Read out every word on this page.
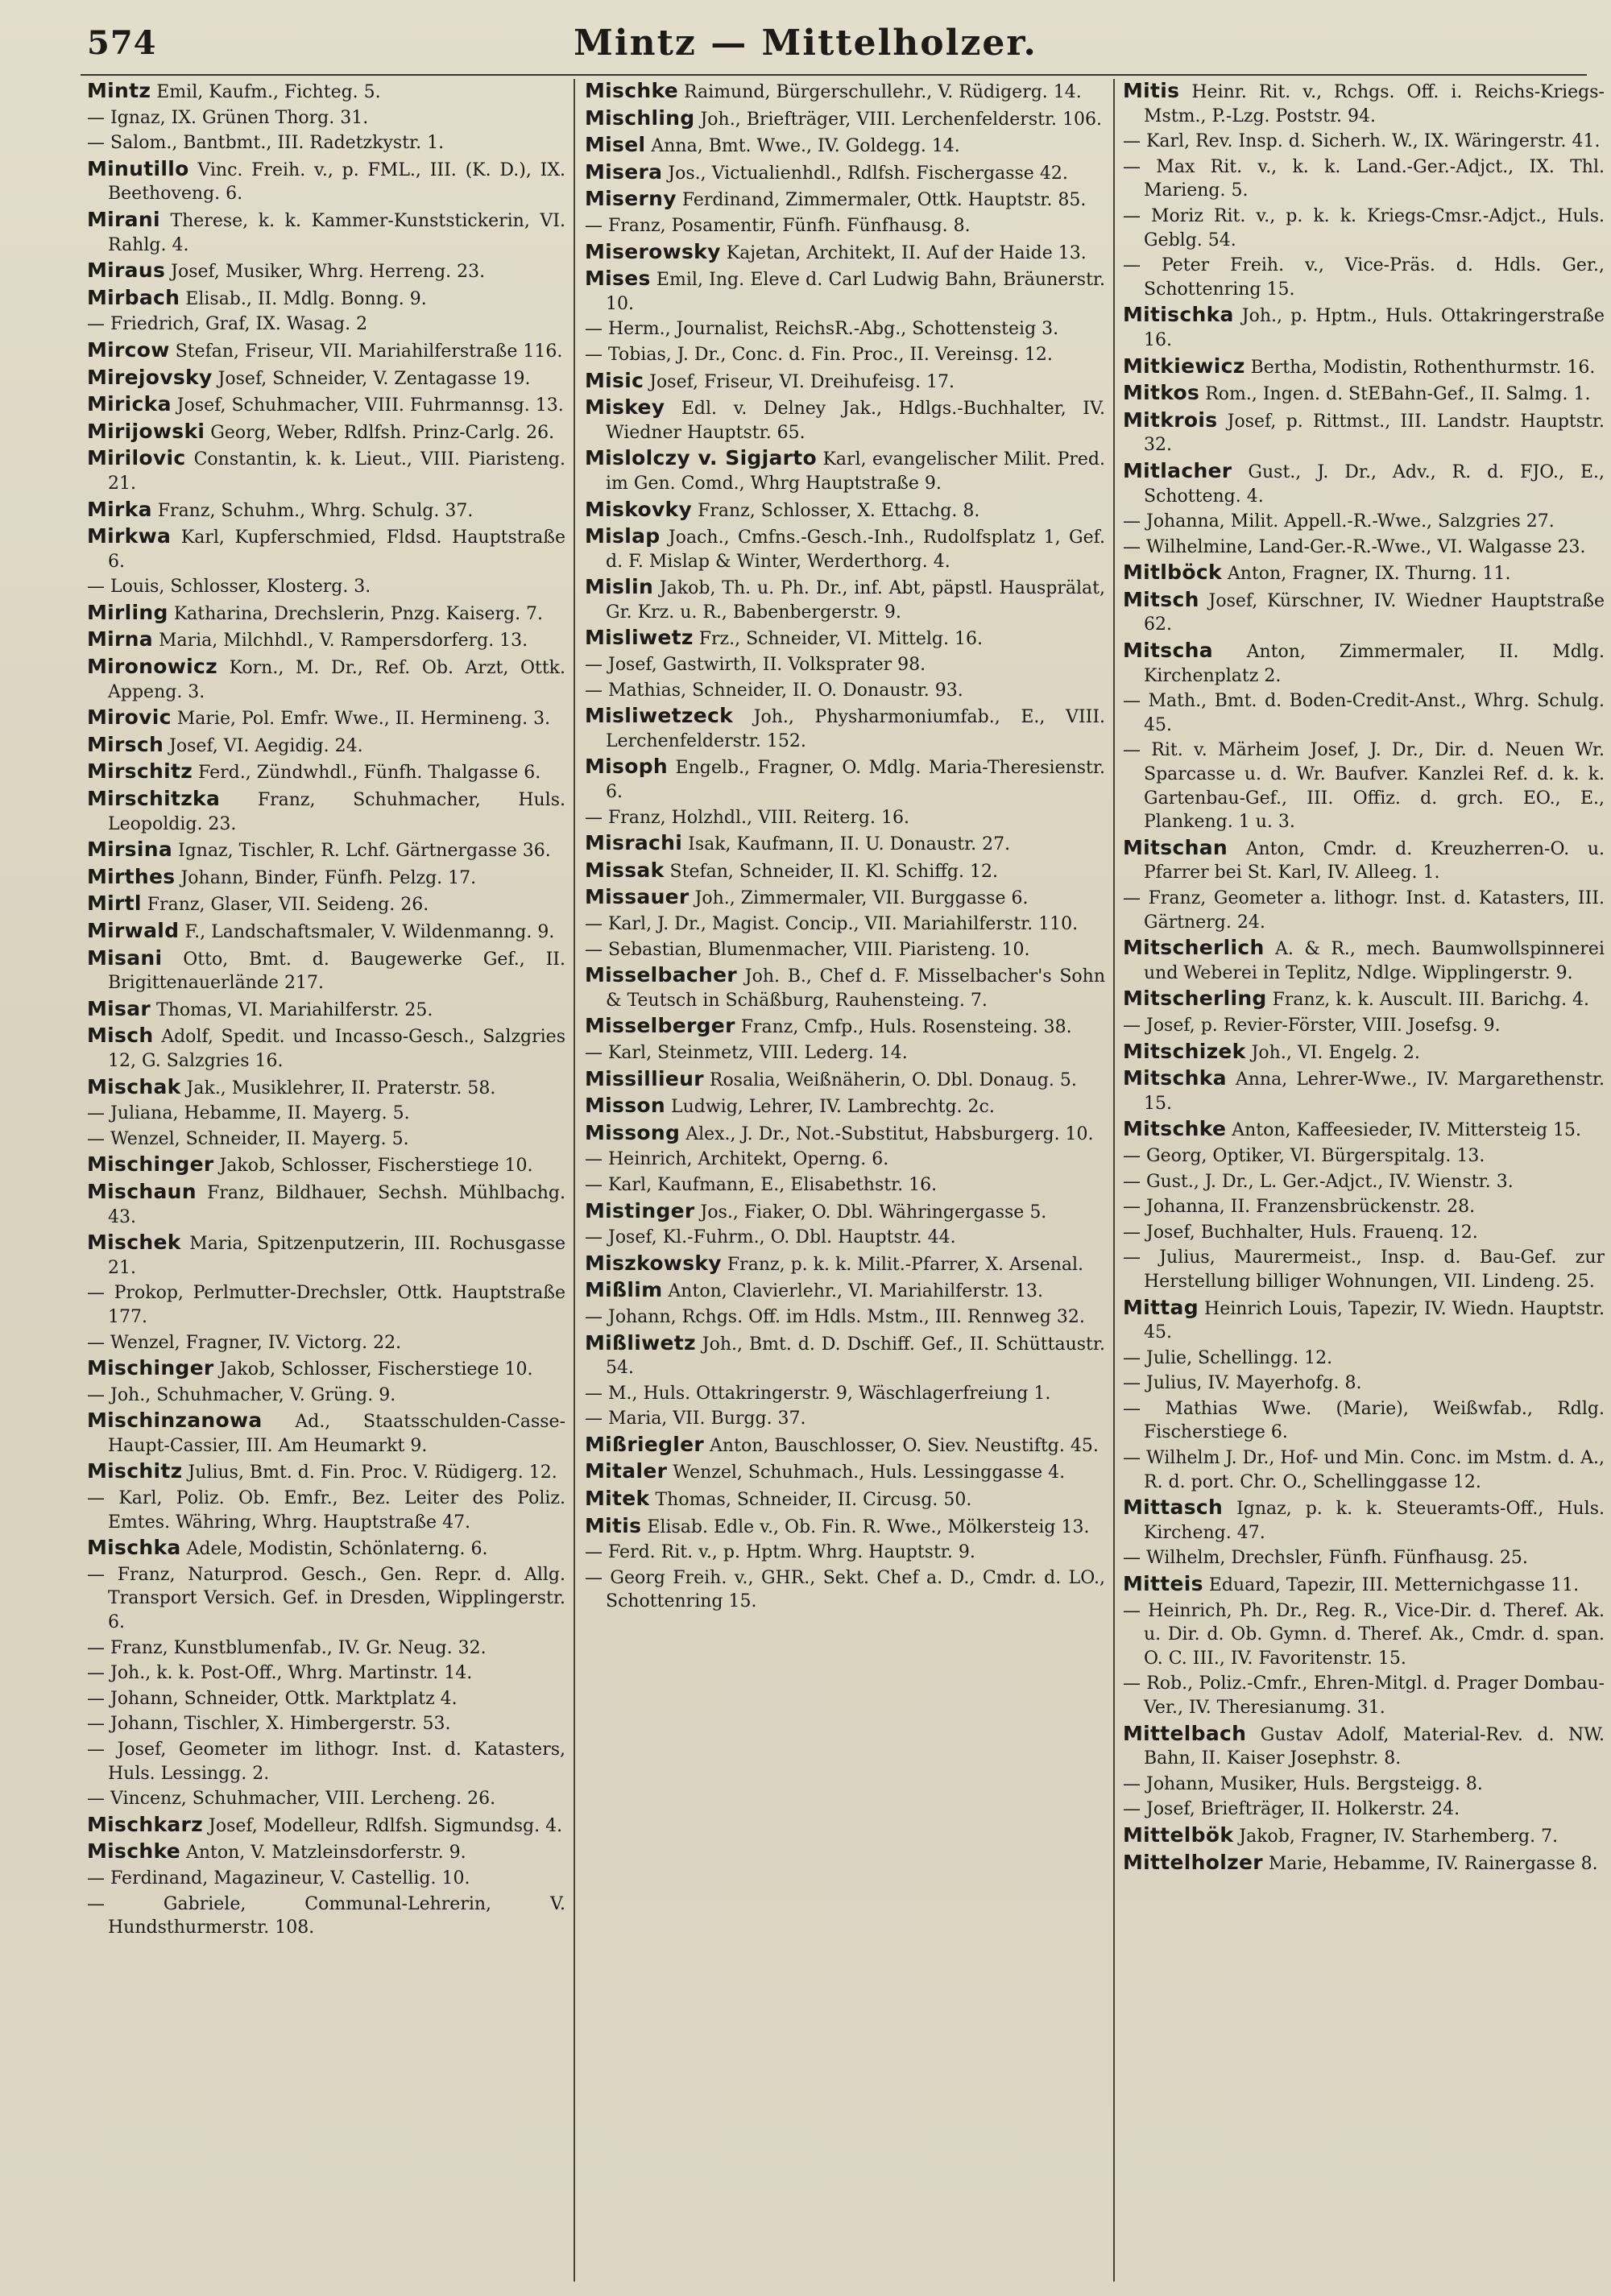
574	Mintz — Mittelholzer.
Mintz Emil, Kaufm., Fichteg. 5.
— Ignaz, IX. Grünen Thorg. 31.
— Salom., Bantbmt., III. Radetzkystr. 1.
Minutillo Vinc. Freih. v., p. FML., III. (K. D.), IX. Beethoveng. 6.
Mirani Therese, k. k. Kammer-Kunststickerin, VI. Rahlg. 4.
Miraus Josef, Musiker, Whrg. Herreng. 23.
Mirbach Elisab., II. Mdlg. Bonng. 9.
— Friedrich, Graf, IX. Wasag. 2
Mircow Stefan, Friseur, VII. Mariahilferstraße 116.
Mirejovsky Josef, Schneider, V. Zentagasse 19.
Miricka Josef, Schuhmacher, VIII. Fuhrmannsg. 13.
Mirijowski Georg, Weber, Rdlfsh. Prinz-Carlg. 26.
Mirilovic Constantin, k. k. Lieut., VIII. Piaristeng. 21.
Mirka Franz, Schuhm., Whrg. Schulg. 37.
Mirkwa Karl, Kupferschmied, Fldsd. Hauptstraße 6.
— Louis, Schlosser, Klosterg. 3.
Mirling Katharina, Drechslerin, Pnzg. Kaiserg. 7.
Mirna Maria, Milchhdl., V. Rampersdorferg. 13.
Mironowicz Korn., M. Dr., Ref. Ob. Arzt, Ottk. Appeng. 3.
Mirovic Marie, Pol. Emfr. Wwe., II. Hermineng. 3.
Mirsch Josef, VI. Aegidig. 24.
Mirschitz Ferd., Zündwhdl., Fünfh. Thalgasse 6.
Mirschitzka Franz, Schuhmacher, Huls. Leopoldig. 23.
Mirsina Ignaz, Tischler, R. Lchf. Gärtnergasse 36.
Mirthes Johann, Binder, Fünfh. Pelzg. 17.
Mirtl Franz, Glaser, VII. Seideng. 26.
Mirwald F., Landschaftsmaler, V. Wildenmanng. 9.
Misani Otto, Bmt. d. Baugewerke Gef., II. Brigittenauerlände 217.
Misar Thomas, VI. Mariahilferstr. 25.
Misch Adolf, Spedit. und Incasso-Gesch., Salzgries 12, G. Salzgries 16.
Mischak Jak., Musiklehrer, II. Praterstr. 58.
— Juliana, Hebamme, II. Mayerg. 5.
— Wenzel, Schneider, II. Mayerg. 5.
Mischinger Jakob, Schlosser, Fischerstiege 10.
Mischaun Franz, Bildhauer, Sechsh. Mühlbachg. 43.
Mischek Maria, Spitzenputzerin, III. Rochusgasse 21.
— Prokop, Perlmutter-Drechsler, Ottk. Hauptstraße 177.
— Wenzel, Fragner, IV. Victorg. 22.
Mischinger Jakob, Schlosser, Fischerstiege 10.
— Joh., Schuhmacher, V. Grüng. 9.
Mischinzanowa Ad., Staatsschulden-Casse-Haupt-Cassier, III. Am Heumarkt 9.
Mischitz Julius, Bmt. d. Fin. Proc. V. Rüdigerg. 12.
— Karl, Poliz. Ob. Emfr., Bez. Leiter des Poliz. Emtes. Währing, Whrg. Hauptstraße 47.
Mischka Adele, Modistin, Schönlaterng. 6.
— Franz, Naturprod. Gesch., Gen. Repr. d. Allg. Transport Versich. Gef. in Dresden, Wipplingerstr. 6.
— Franz, Kunstblumenfab., IV. Gr. Neug. 32.
— Joh., k. k. Post-Off., Whrg. Martinstr. 14.
— Johann, Schneider, Ottk. Marktplatz 4.
— Johann, Tischler, X. Himbergerstr. 53.
— Josef, Geometer im lithogr. Inst. d. Katasters, Huls. Lessingg. 2.
— Vincenz, Schuhmacher, VIII. Lercheng. 26.
Mischkarz Josef, Modelleur, Rdlfsh. Sigmundsg. 4.
Mischke Anton, V. Matzleinsdorferstr. 9.
— Ferdinand, Magazineur, V. Castellig. 10.
— Gabriele, Communal-Lehrerin, V. Hundsthurmerstr. 108.
Mischke Raimund, Bürgerschullehr., V. Rüdigerg. 14.
Mischling Joh., Briefträger, VIII. Lerchenfelderstr. 106.
Misel Anna, Bmt. Wwe., IV. Goldegg. 14.
Misera Jos., Victualienhdl., Rdlfsh. Fischergasse 42.
Miserny Ferdinand, Zimmermaler, Ottk. Hauptstr. 85.
— Franz, Posamentir, Fünfh. Fünfhausg. 8.
Miserowsky Kajetan, Architekt, II. Auf der Haide 13.
Mises Emil, Ing. Eleve d. Carl Ludwig Bahn, Bräunerstr. 10.
— Herm., Journalist, ReichsR.-Abg., Schottensteig 3.
— Tobias, J. Dr., Conc. d. Fin. Proc., II. Vereinsg. 12.
Misic Josef, Friseur, VI. Dreihufeisg. 17.
Miskey Edl. v. Delney Jak., Hdlgs.-Buchhalter, IV. Wiedner Hauptstr. 65.
Mislolczy v. Sigjarto Karl, evangelischer Milit. Pred. im Gen. Comd., Whrg Hauptstraße 9.
Miskovky Franz, Schlosser, X. Ettachg. 8.
Mislap Joach., Cmfns.-Gesch.-Inh., Rudolfsplatz 1, Gef. d. F. Mislap & Winter, Werderthorg. 4.
Mislin Jakob, Th. u. Ph. Dr., inf. Abt, päpstl. Hausprälat, Gr. Krz. u. R., Babenbergerstr. 9.
Misliwetz Frz., Schneider, VI. Mittelg. 16.
— Josef, Gastwirth, II. Volksprater 98.
— Mathias, Schneider, II. O. Donaustr. 93.
Misliwetzeck Joh., Physharmoniumfab., E., VIII. Lerchenfelderstr. 152.
Misoph Engelb., Fragner, O. Mdlg. Maria-Theresienstr. 6.
— Franz, Holzhdl., VIII. Reiterg. 16.
Misrachi Isak, Kaufmann, II. U. Donaustr. 27.
Missak Stefan, Schneider, II. Kl. Schiffg. 12.
Missauer Joh., Zimmermaler, VII. Burggasse 6.
— Karl, J. Dr., Magist. Concip., VII. Mariahilferstr. 110.
— Sebastian, Blumenmacher, VIII. Piaristeng. 10.
Misselbacher Joh. B., Chef d. F. Misselbacher's Sohn & Teutsch in Schäßburg, Rauhensteing. 7.
Misselberger Franz, Cmfp., Huls. Rosensteing. 38.
— Karl, Steinmetz, VIII. Lederg. 14.
Missillieur Rosalia, Weißnäherin, O. Dbl. Donaug. 5.
Misson Ludwig, Lehrer, IV. Lambrechtg. 2c.
Missong Alex., J. Dr., Not.-Substitut, Habsburgerg. 10.
— Heinrich, Architekt, Operng. 6.
— Karl, Kaufmann, E., Elisabethstr. 16.
Mistinger Jos., Fiaker, O. Dbl. Währingergasse 5.
— Josef, Kl.-Fuhrm., O. Dbl. Hauptstr. 44.
Miszkowsky Franz, p. k. k. Milit.-Pfarrer, X. Arsenal.
Mißlim Anton, Clavierlehr., VI. Mariahilferstr. 13.
— Johann, Rchgs. Off. im Hdls. Mstm., III. Rennweg 32.
Mißliwetz Joh., Bmt. d. D. Dschiff. Gef., II. Schüttaustr. 54.
— M., Huls. Ottakringerstr. 9, Wäschlagerfreiung 1.
— Maria, VII. Burgg. 37.
Mißriegler Anton, Bauschlosser, O. Siev. Neustiftg. 45.
Mitaler Wenzel, Schuhmach., Huls. Lessinggasse 4.
Mitek Thomas, Schneider, II. Circusg. 50.
Mitis Elisab. Edle v., Ob. Fin. R. Wwe., Mölkersteig 13.
— Ferd. Rit. v., p. Hptm. Whrg. Hauptstr. 9.
— Georg Freih. v., GHR., Sekt. Chef a. D., Cmdr. d. LO., Schottenring 15.
Mitis Heinr. Rit. v., Rchgs. Off. i. Reichs-Kriegs-Mstm., P.-Lzg. Poststr. 94.
— Karl, Rev. Insp. d. Sicherh. W., IX. Wäringerstr. 41.
— Max Rit. v., k. k. Land.-Ger.-Adjct., IX. Thl. Marieng. 5.
— Moriz Rit. v., p. k. k. Kriegs-Cmsr.-Adjct., Huls. Geblg. 54.
— Peter Freih. v., Vice-Präs. d. Hdls. Ger., Schottenring 15.
Mitischka Joh., p. Hptm., Huls. Ottakringerstraße 16.
Mitkiewicz Bertha, Modistin, Rothenthurmstr. 16.
Mitkos Rom., Ingen. d. StEBahn-Gef., II. Salmg. 1.
Mitkrois Josef, p. Rittmst., III. Landstr. Hauptstr. 32.
Mitlacher Gust., J. Dr., Adv., R. d. FJO., E., Schotteng. 4.
— Johanna, Milit. Appell.-R.-Wwe., Salzgries 27.
— Wilhelmine, Land-Ger.-R.-Wwe., VI. Walgasse 23.
Mitlböck Anton, Fragner, IX. Thurng. 11.
Mitsch Josef, Kürschner, IV. Wiedner Hauptstraße 62.
Mitscha Anton, Zimmermaler, II. Mdlg. Kirchenplatz 2.
— Math., Bmt. d. Boden-Credit-Anst., Whrg. Schulg. 45.
— Rit. v. Märheim Josef, J. Dr., Dir. d. Neuen Wr. Sparcasse u. d. Wr. Baufver. Kanzlei Ref. d. k. k. Gartenbau-Gef., III. Offiz. d. grch. EO., E., Plankeng. 1 u. 3.
Mitschan Anton, Cmdr. d. Kreuzherren-O. u. Pfarrer bei St. Karl, IV. Alleeg. 1.
— Franz, Geometer a. lithogr. Inst. d. Katasters, III. Gärtnerg. 24.
Mitscherlich A. & R., mech. Baumwollspinnerei und Weberei in Teplitz, Ndlge. Wipplingerstr. 9.
Mitscherling Franz, k. k. Auscult. III. Barichg. 4.
— Josef, p. Revier-Förster, VIII. Josefsg. 9.
Mitschizek Joh., VI. Engelg. 2.
Mitschka Anna, Lehrer-Wwe., IV. Margarethenstr. 15.
Mitschke Anton, Kaffeesieder, IV. Mittersteig 15.
— Georg, Optiker, VI. Bürgerspitalg. 13.
— Gust., J. Dr., L. Ger.-Adjct., IV. Wienstr. 3.
— Johanna, II. Franzensbrückenstr. 28.
— Josef, Buchhalter, Huls. Frauenq. 12.
— Julius, Maurermeist., Insp. d. Bau-Gef. zur Herstellung billiger Wohnungen, VII. Lindeng. 25.
Mittag Heinrich Louis, Tapezir, IV. Wiedn. Hauptstr. 45.
— Julie, Schellingg. 12.
— Julius, IV. Mayerhofg. 8.
— Mathias Wwe. (Marie), Weißwfab., Rdlg. Fischerstiege 6.
— Wilhelm J. Dr., Hof- und Min. Conc. im Mstm. d. A., R. d. port. Chr. O., Schellinggasse 12.
Mittasch Ignaz, p. k. k. Steueramts-Off., Huls. Kircheng. 47.
— Wilhelm, Drechsler, Fünfh. Fünfhausg. 25.
Mitteis Eduard, Tapezir, III. Metternichgasse 11.
— Heinrich, Ph. Dr., Reg. R., Vice-Dir. d. Theref. Ak. u. Dir. d. Ob. Gymn. d. Theref. Ak., Cmdr. d. span. O. C. III., IV. Favoritenstr. 15.
— Rob., Poliz.-Cmfr., Ehren-Mitgl. d. Prager Dombau-Ver., IV. Theresianumg. 31.
Mittelbach Gustav Adolf, Material-Rev. d. NW. Bahn, II. Kaiser Josephstr. 8.
— Johann, Musiker, Huls. Bergsteigg. 8.
— Josef, Briefträger, II. Holkerstr. 24.
Mittelbök Jakob, Fragner, IV. Starhemberg. 7.
Mittelholzer Marie, Hebamme, IV. Rainergasse 8.
